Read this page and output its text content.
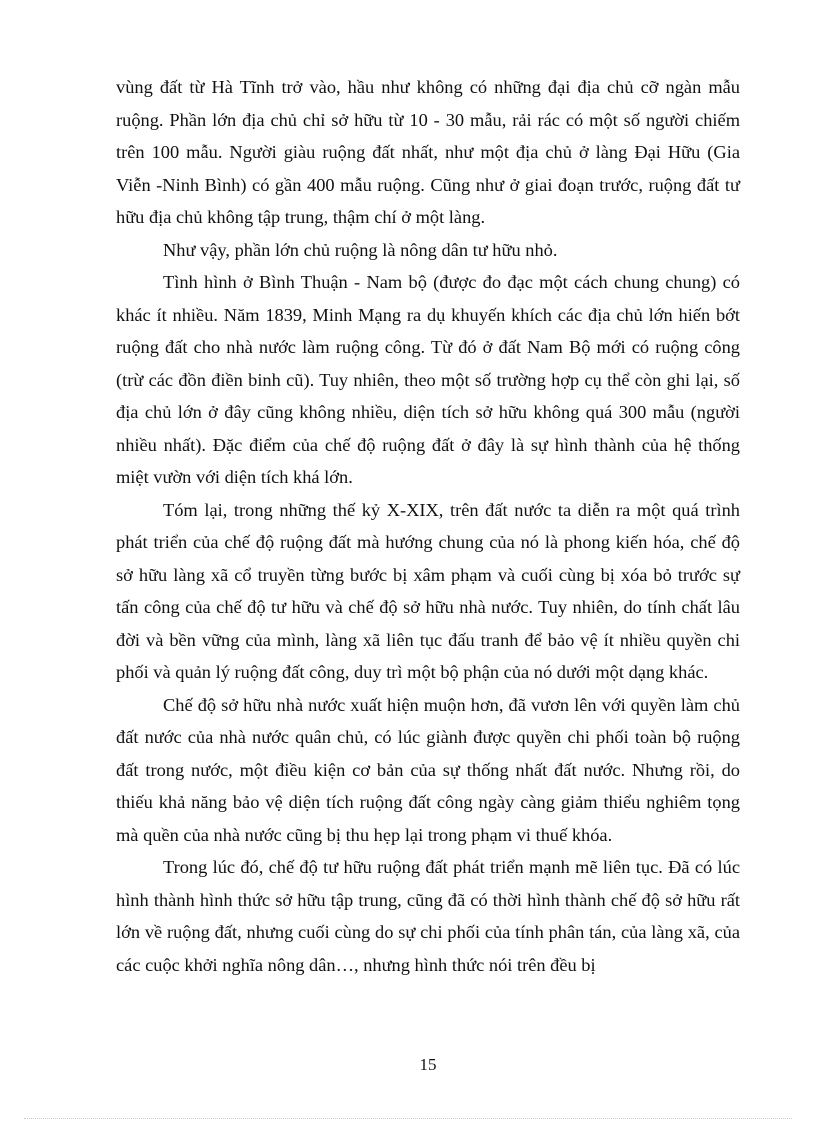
vùng đất từ Hà Tĩnh trở vào, hầu như không có những đại địa chủ cỡ ngàn mẫu ruộng. Phần lớn địa chủ chỉ sở hữu từ 10 - 30 mẫu, rải rác có một số người chiếm trên 100 mẫu. Người giàu ruộng đất nhất, như một địa chủ ở làng Đại Hữu (Gia Viễn -Ninh Bình) có gần 400 mẫu ruộng. Cũng như ở giai đoạn trước, ruộng đất tư hữu địa chủ không tập trung, thậm chí ở một làng.

Như vậy, phần lớn chủ ruộng là nông dân tư hữu nhỏ.

Tình hình ở Bình Thuận - Nam bộ (được đo đạc một cách chung chung) có khác ít nhiều. Năm 1839, Minh Mạng ra dụ khuyến khích các địa chủ lớn hiến bớt ruộng đất cho nhà nước làm ruộng công. Từ đó ở đất Nam Bộ mới có ruộng công (trừ các đồn điền binh cũ). Tuy nhiên, theo một số trường hợp cụ thể còn ghi lại, số địa chủ lớn ở đây cũng không nhiều, diện tích sở hữu không quá 300 mẫu (người nhiều nhất). Đặc điểm của chế độ ruộng đất ở đây là sự hình thành của hệ thống miệt vườn với diện tích khá lớn.

Tóm lại, trong những thế kỷ X-XIX, trên đất nước ta diễn ra một quá trình phát triển của chế độ ruộng đất mà hướng chung của nó là phong kiến hóa, chế độ sở hữu làng xã cổ truyền từng bước bị xâm phạm và cuối cùng bị xóa bỏ trước sự tấn công của chế độ tư hữu và chế độ sở hữu nhà nước. Tuy nhiên, do tính chất lâu đời và bền vững của mình, làng xã liên tục đấu tranh để bảo vệ ít nhiều quyền chi phối và quản lý ruộng đất công, duy trì một bộ phận của nó dưới một dạng khác.

Chế độ sở hữu nhà nước xuất hiện muộn hơn, đã vươn lên với quyền làm chủ đất nước của nhà nước quân chủ, có lúc giành được quyền chi phối toàn bộ ruộng đất trong nước, một điều kiện cơ bản của sự thống nhất đất nước. Nhưng rồi, do thiếu khả năng bảo vệ diện tích ruộng đất công ngày càng giảm thiểu nghiêm tọng mà quền của nhà nước cũng bị thu hẹp lại trong phạm vi thuế khóa.

Trong lúc đó, chế độ tư hữu ruộng đất phát triển mạnh mẽ liên tục. Đã có lúc hình thành hình thức sở hữu tập trung, cũng đã có thời hình thành chế độ sở hữu rất lớn về ruộng đất, nhưng cuối cùng do sự chi phối của tính phân tán, của làng xã, của các cuộc khởi nghĩa nông dân…, nhưng hình thức nói trên đều bị

15
